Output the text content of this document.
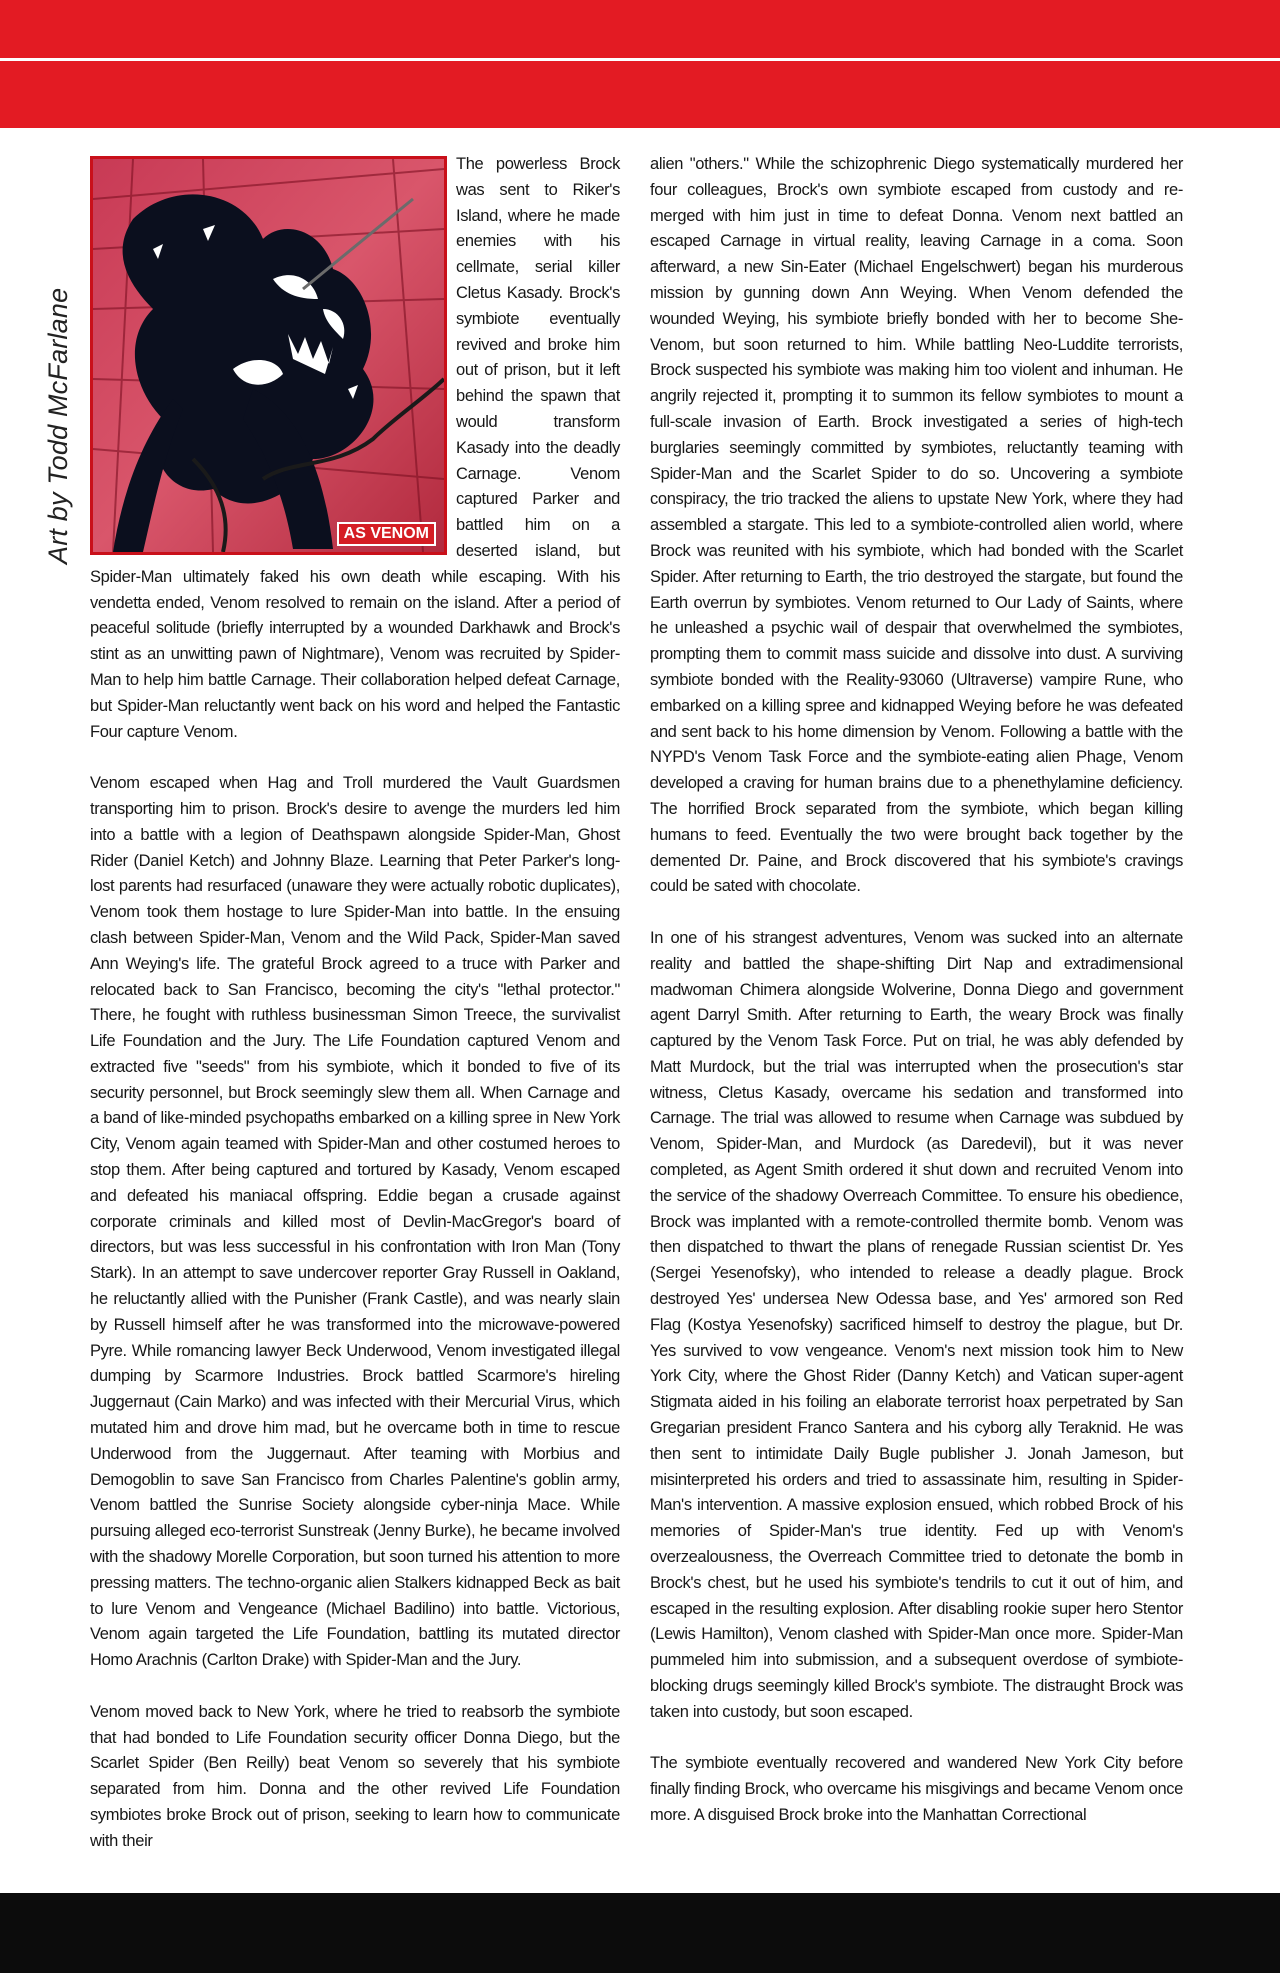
Art by Todd McFarlane	AS VENOM

The powerless Brock was sent to Riker's Island, where he made enemies with his cellmate, serial killer Cletus Kasady. Brock's symbiote eventually revived and broke him out of prison, but it left behind the spawn that would transform Kasady into the deadly Carnage. Venom captured Parker and battled him on a deserted island, but Spider-Man ultimately faked his own death while escaping. With his vendetta ended, Venom resolved to remain on the island. After a period of peaceful solitude (briefly interrupted by a wounded Darkhawk and Brock's stint as an unwitting pawn of Nightmare), Venom was recruited by Spider-Man to help him battle Carnage. Their collaboration helped defeat Carnage, but Spider-Man reluctantly went back on his word and helped the Fantastic Four capture Venom.

Venom escaped when Hag and Troll murdered the Vault Guardsmen transporting him to prison. Brock's desire to avenge the murders led him into a battle with a legion of Deathspawn alongside Spider-Man, Ghost Rider (Daniel Ketch) and Johnny Blaze. Learning that Peter Parker's long-lost parents had resurfaced (unaware they were actually robotic duplicates), Venom took them hostage to lure Spider-Man into battle. In the ensuing clash between Spider-Man, Venom and the Wild Pack, Spider-Man saved Ann Weying's life. The grateful Brock agreed to a truce with Parker and relocated back to San Francisco, becoming the city's "lethal protector." There, he fought with ruthless businessman Simon Treece, the survivalist Life Foundation and the Jury. The Life Foundation captured Venom and extracted five "seeds" from his symbiote, which it bonded to five of its security personnel, but Brock seemingly slew them all. When Carnage and a band of like-minded psychopaths embarked on a killing spree in New York City, Venom again teamed with Spider-Man and other costumed heroes to stop them. After being captured and tortured by Kasady, Venom escaped and defeated his maniacal offspring. Eddie began a crusade against corporate criminals and killed most of Devlin-MacGregor's board of directors, but was less successful in his confrontation with Iron Man (Tony Stark). In an attempt to save undercover reporter Gray Russell in Oakland, he reluctantly allied with the Punisher (Frank Castle), and was nearly slain by Russell himself after he was transformed into the microwave-powered Pyre. While romancing lawyer Beck Underwood, Venom investigated illegal dumping by Scarmore Industries. Brock battled Scarmore's hireling Juggernaut (Cain Marko) and was infected with their Mercurial Virus, which mutated him and drove him mad, but he overcame both in time to rescue Underwood from the Juggernaut. After teaming with Morbius and Demogoblin to save San Francisco from Charles Palentine's goblin army, Venom battled the Sunrise Society alongside cyber-ninja Mace. While pursuing alleged eco-terrorist Sunstreak (Jenny Burke), he became involved with the shadowy Morelle Corporation, but soon turned his attention to more pressing matters. The techno-organic alien Stalkers kidnapped Beck as bait to lure Venom and Vengeance (Michael Badilino) into battle. Victorious, Venom again targeted the Life Foundation, battling its mutated director Homo Arachnis (Carlton Drake) with Spider-Man and the Jury.

Venom moved back to New York, where he tried to reabsorb the symbiote that had bonded to Life Foundation security officer Donna Diego, but the Scarlet Spider (Ben Reilly) beat Venom so severely that his symbiote separated from him. Donna and the other revived Life Foundation symbiotes broke Brock out of prison, seeking to learn how to communicate with their

alien "others." While the schizophrenic Diego systematically murdered her four colleagues, Brock's own symbiote escaped from custody and re-merged with him just in time to defeat Donna. Venom next battled an escaped Carnage in virtual reality, leaving Carnage in a coma. Soon afterward, a new Sin-Eater (Michael Engelschwert) began his murderous mission by gunning down Ann Weying. When Venom defended the wounded Weying, his symbiote briefly bonded with her to become She-Venom, but soon returned to him. While battling Neo-Luddite terrorists, Brock suspected his symbiote was making him too violent and inhuman. He angrily rejected it, prompting it to summon its fellow symbiotes to mount a full-scale invasion of Earth. Brock investigated a series of high-tech burglaries seemingly committed by symbiotes, reluctantly teaming with Spider-Man and the Scarlet Spider to do so. Uncovering a symbiote conspiracy, the trio tracked the aliens to upstate New York, where they had assembled a stargate. This led to a symbiote-controlled alien world, where Brock was reunited with his symbiote, which had bonded with the Scarlet Spider. After returning to Earth, the trio destroyed the stargate, but found the Earth overrun by symbiotes. Venom returned to Our Lady of Saints, where he unleashed a psychic wail of despair that overwhelmed the symbiotes, prompting them to commit mass suicide and dissolve into dust. A surviving symbiote bonded with the Reality-93060 (Ultraverse) vampire Rune, who embarked on a killing spree and kidnapped Weying before he was defeated and sent back to his home dimension by Venom. Following a battle with the NYPD's Venom Task Force and the symbiote-eating alien Phage, Venom developed a craving for human brains due to a phenethylamine deficiency. The horrified Brock separated from the symbiote, which began killing humans to feed. Eventually the two were brought back together by the demented Dr. Paine, and Brock discovered that his symbiote's cravings could be sated with chocolate.

In one of his strangest adventures, Venom was sucked into an alternate reality and battled the shape-shifting Dirt Nap and extradimensional madwoman Chimera alongside Wolverine, Donna Diego and government agent Darryl Smith. After returning to Earth, the weary Brock was finally captured by the Venom Task Force. Put on trial, he was ably defended by Matt Murdock, but the trial was interrupted when the prosecution's star witness, Cletus Kasady, overcame his sedation and transformed into Carnage. The trial was allowed to resume when Carnage was subdued by Venom, Spider-Man, and Murdock (as Daredevil), but it was never completed, as Agent Smith ordered it shut down and recruited Venom into the service of the shadowy Overreach Committee. To ensure his obedience, Brock was implanted with a remote-controlled thermite bomb. Venom was then dispatched to thwart the plans of renegade Russian scientist Dr. Yes (Sergei Yesenofsky), who intended to release a deadly plague. Brock destroyed Yes' undersea New Odessa base, and Yes' armored son Red Flag (Kostya Yesenofsky) sacrificed himself to destroy the plague, but Dr. Yes survived to vow vengeance. Venom's next mission took him to New York City, where the Ghost Rider (Danny Ketch) and Vatican super-agent Stigmata aided in his foiling an elaborate terrorist hoax perpetrated by San Gregarian president Franco Santera and his cyborg ally Teraknid. He was then sent to intimidate Daily Bugle publisher J. Jonah Jameson, but misinterpreted his orders and tried to assassinate him, resulting in Spider-Man's intervention. A massive explosion ensued, which robbed Brock of his memories of Spider-Man's true identity. Fed up with Venom's overzealousness, the Overreach Committee tried to detonate the bomb in Brock's chest, but he used his symbiote's tendrils to cut it out of him, and escaped in the resulting explosion. After disabling rookie super hero Stentor (Lewis Hamilton), Venom clashed with Spider-Man once more. Spider-Man pummeled him into submission, and a subsequent overdose of symbiote-blocking drugs seemingly killed Brock's symbiote. The distraught Brock was taken into custody, but soon escaped.

The symbiote eventually recovered and wandered New York City before finally finding Brock, who overcame his misgivings and became Venom once more. A disguised Brock broke into the Manhattan Correctional
